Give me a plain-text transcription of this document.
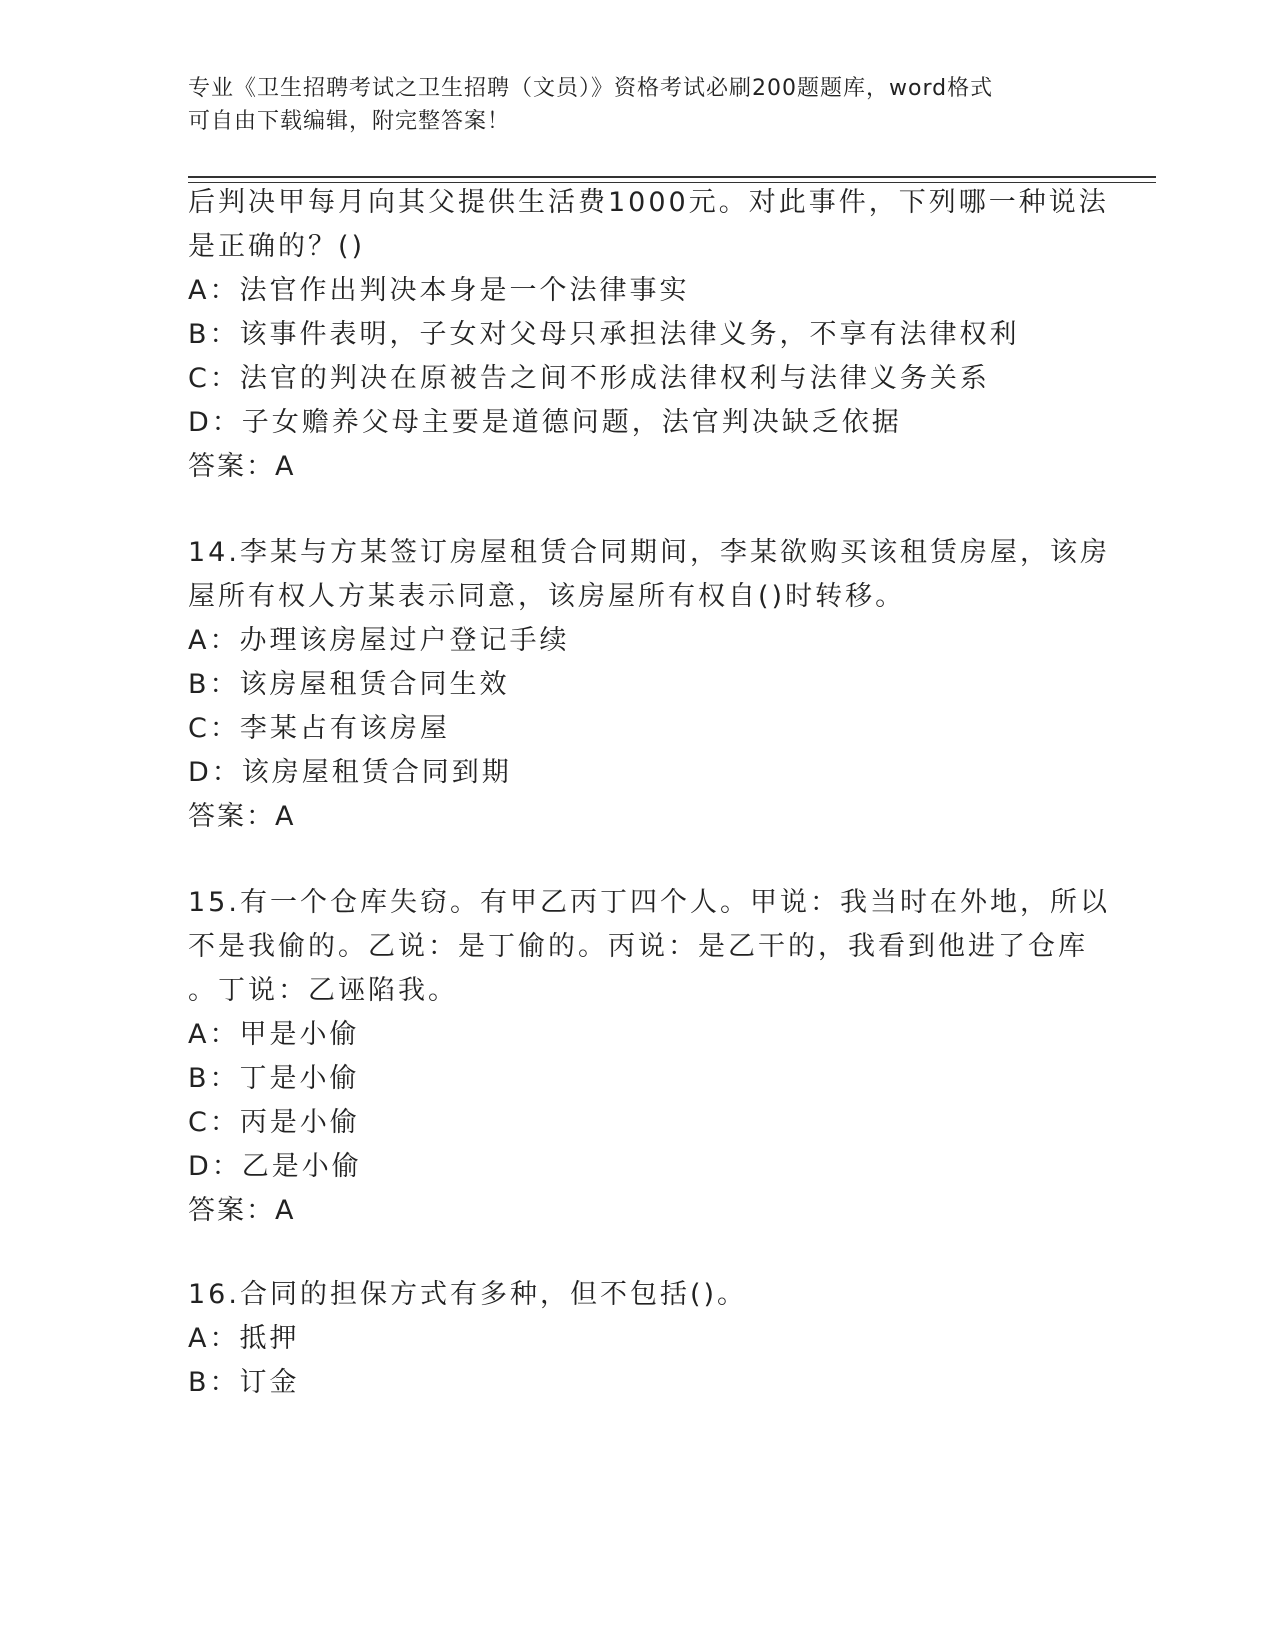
专业《卫生招聘考试之卫生招聘（文员）》资格考试必刷200题题库，word格式
可自由下载编辑，附完整答案！
后判决甲每月向其父提供生活费1000元。对此事件，下列哪一种说法
是正确的？()
A：法官作出判决本身是一个法律事实
B：该事件表明，子女对父母只承担法律义务，不享有法律权利
C：法官的判决在原被告之间不形成法律权利与法律义务关系
D：子女赡养父母主要是道德问题，法官判决缺乏依据
答案：A
14.李某与方某签订房屋租赁合同期间，李某欲购买该租赁房屋，该房
屋所有权人方某表示同意，该房屋所有权自()时转移。
A：办理该房屋过户登记手续
B：该房屋租赁合同生效
C：李某占有该房屋
D：该房屋租赁合同到期
答案：A
15.有一个仓库失窃。有甲乙丙丁四个人。甲说：我当时在外地，所以
不是我偷的。乙说：是丁偷的。丙说：是乙干的，我看到他进了仓库
。丁说：乙诬陷我。
A：甲是小偷
B：丁是小偷
C：丙是小偷
D：乙是小偷
答案：A
16.合同的担保方式有多种，但不包括()。
A：抵押
B：订金
